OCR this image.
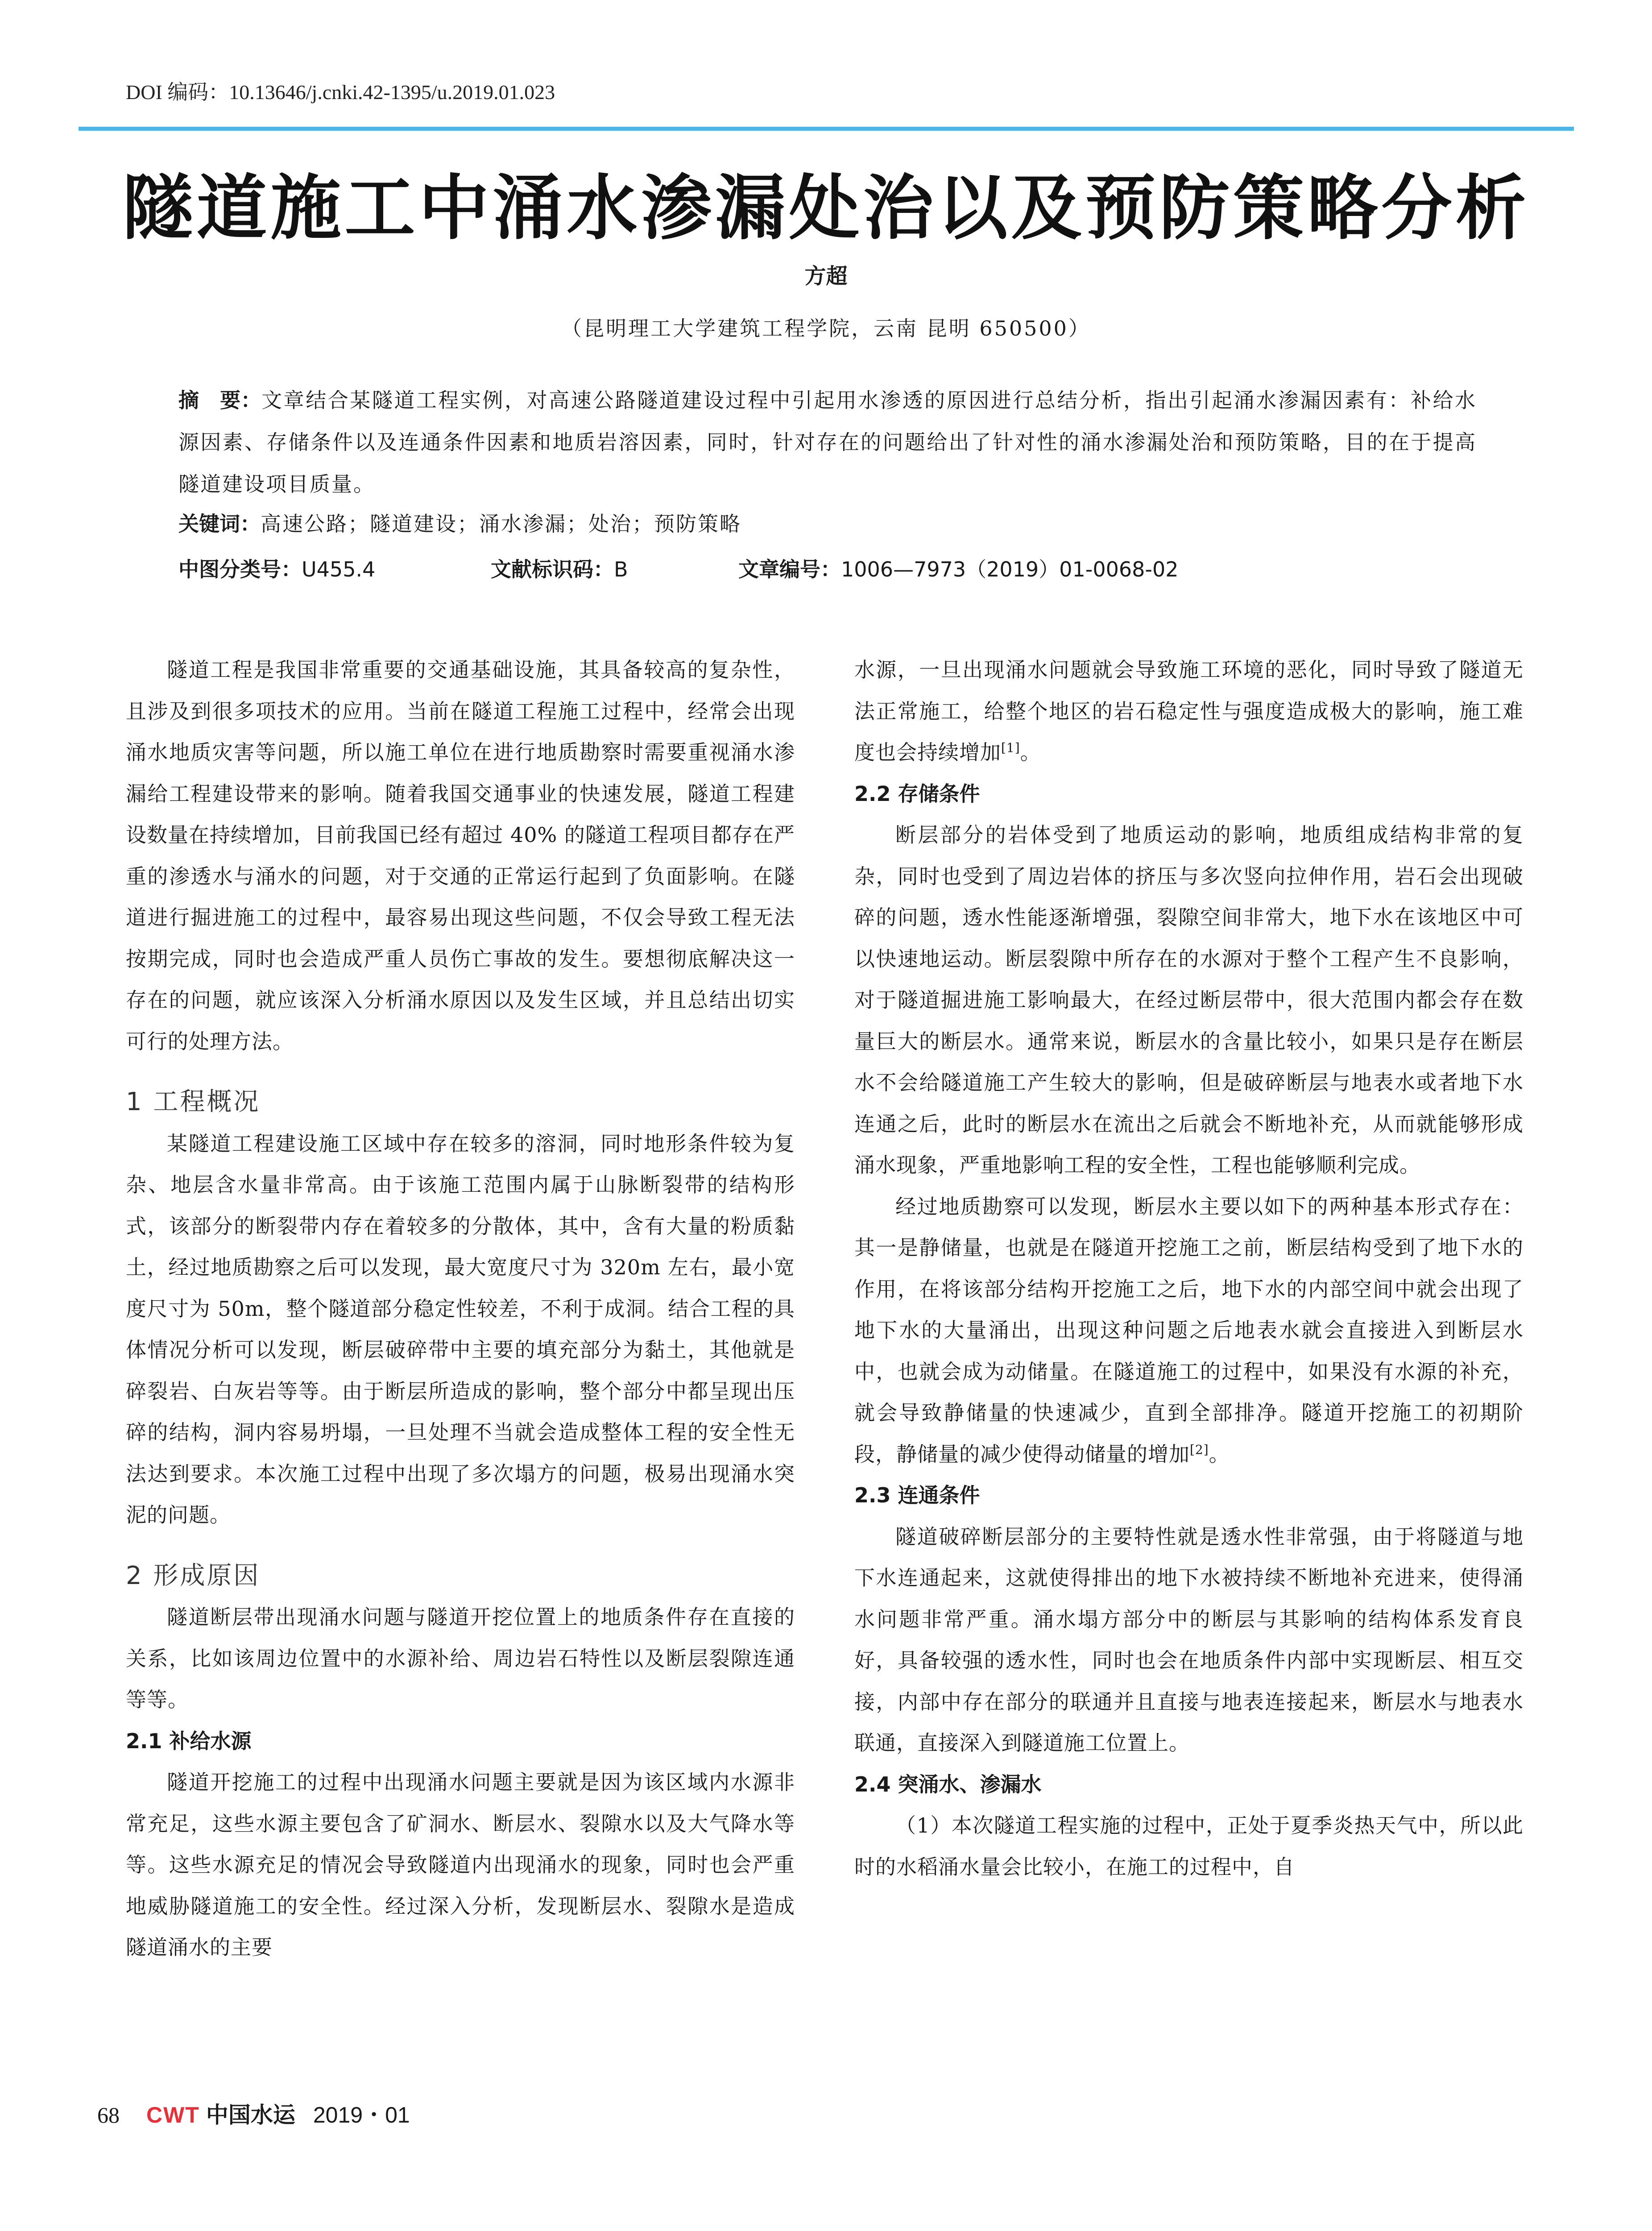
DOI 编码：10.13646/j.cnki.42-1395/u.2019.01.023
隧道施工中涌水渗漏处治以及预防策略分析
方超
（昆明理工大学建筑工程学院，云南 昆明 650500）
摘　要：文章结合某隧道工程实例，对高速公路隧道建设过程中引起用水渗透的原因进行总结分析，指出引起涌水渗漏因素有：补给水源因素、存储条件以及连通条件因素和地质岩溶因素，同时，针对存在的问题给出了针对性的涌水渗漏处治和预防策略，目的在于提高隧道建设项目质量。
关键词：高速公路；隧道建设；涌水渗漏；处治；预防策略
中图分类号：U455.4	文献标识码：B	文章编号：1006—7973（2019）01-0068-02

隧道工程是我国非常重要的交通基础设施，其具备较高的复杂性，且涉及到很多项技术的应用。当前在隧道工程施工过程中，经常会出现涌水地质灾害等问题，所以施工单位在进行地质勘察时需要重视涌水渗漏给工程建设带来的影响。随着我国交通事业的快速发展，隧道工程建设数量在持续增加，目前我国已经有超过 40% 的隧道工程项目都存在严重的渗透水与涌水的问题，对于交通的正常运行起到了负面影响。在隧道进行掘进施工的过程中，最容易出现这些问题，不仅会导致工程无法按期完成，同时也会造成严重人员伤亡事故的发生。要想彻底解决这一存在的问题，就应该深入分析涌水原因以及发生区域，并且总结出切实可行的处理方法。

1 工程概况

某隧道工程建设施工区域中存在较多的溶洞，同时地形条件较为复杂、地层含水量非常高。由于该施工范围内属于山脉断裂带的结构形式，该部分的断裂带内存在着较多的分散体，其中，含有大量的粉质黏土，经过地质勘察之后可以发现，最大宽度尺寸为 320m 左右，最小宽度尺寸为 50m，整个隧道部分稳定性较差，不利于成洞。结合工程的具体情况分析可以发现，断层破碎带中主要的填充部分为黏土，其他就是碎裂岩、白灰岩等等。由于断层所造成的影响，整个部分中都呈现出压碎的结构，洞内容易坍塌，一旦处理不当就会造成整体工程的安全性无法达到要求。本次施工过程中出现了多次塌方的问题，极易出现涌水突泥的问题。

2 形成原因

隧道断层带出现涌水问题与隧道开挖位置上的地质条件存在直接的关系，比如该周边位置中的水源补给、周边岩石特性以及断层裂隙连通等等。

2.1 补给水源

隧道开挖施工的过程中出现涌水问题主要就是因为该区域内水源非常充足，这些水源主要包含了矿洞水、断层水、裂隙水以及大气降水等等。这些水源充足的情况会导致隧道内出现涌水的现象，同时也会严重地威胁隧道施工的安全性。经过深入分析，发现断层水、裂隙水是造成隧道涌水的主要

水源，一旦出现涌水问题就会导致施工环境的恶化，同时导致了隧道无法正常施工，给整个地区的岩石稳定性与强度造成极大的影响，施工难度也会持续增加[1]。

2.2 存储条件

断层部分的岩体受到了地质运动的影响，地质组成结构非常的复杂，同时也受到了周边岩体的挤压与多次竖向拉伸作用，岩石会出现破碎的问题，透水性能逐渐增强，裂隙空间非常大，地下水在该地区中可以快速地运动。断层裂隙中所存在的水源对于整个工程产生不良影响，对于隧道掘进施工影响最大，在经过断层带中，很大范围内都会存在数量巨大的断层水。通常来说，断层水的含量比较小，如果只是存在断层水不会给隧道施工产生较大的影响，但是破碎断层与地表水或者地下水连通之后，此时的断层水在流出之后就会不断地补充，从而就能够形成涌水现象，严重地影响工程的安全性，工程也能够顺利完成。

经过地质勘察可以发现，断层水主要以如下的两种基本形式存在：其一是静储量，也就是在隧道开挖施工之前，断层结构受到了地下水的作用，在将该部分结构开挖施工之后，地下水的内部空间中就会出现了地下水的大量涌出，出现这种问题之后地表水就会直接进入到断层水中，也就会成为动储量。在隧道施工的过程中，如果没有水源的补充，就会导致静储量的快速减少，直到全部排净。隧道开挖施工的初期阶段，静储量的减少使得动储量的增加[2]。

2.3 连通条件

隧道破碎断层部分的主要特性就是透水性非常强，由于将隧道与地下水连通起来，这就使得排出的地下水被持续不断地补充进来，使得涌水问题非常严重。涌水塌方部分中的断层与其影响的结构体系发育良好，具备较强的透水性，同时也会在地质条件内部中实现断层、相互交接，内部中存在部分的联通并且直接与地表连接起来，断层水与地表水联通，直接深入到隧道施工位置上。

2.4 突涌水、渗漏水

（1）本次隧道工程实施的过程中，正处于夏季炎热天气中，所以此时的水稻涌水量会比较小，在施工的过程中，自

68 CWT 中国水运 2019・01
